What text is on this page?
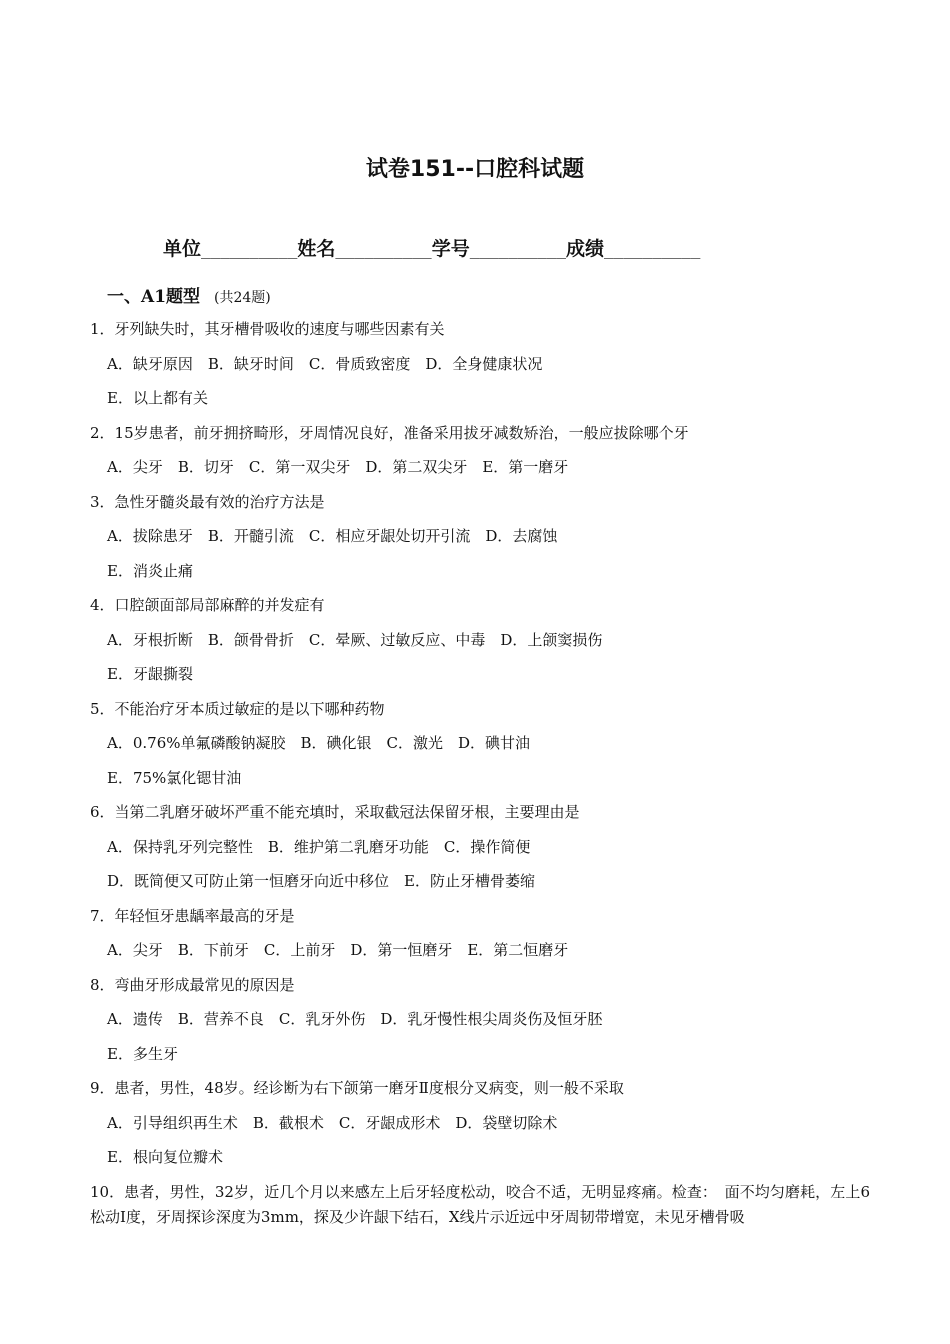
试卷151--口腔科试题
单位__________姓名__________学号__________成绩__________
一、A1题型 (共24题)
1．牙列缺失时，其牙槽骨吸收的速度与哪些因素有关
A．缺牙原因　B．缺牙时间　C．骨质致密度　D．全身健康状况
E．以上都有关
2．15岁患者，前牙拥挤畸形，牙周情况良好，准备采用拔牙减数矫治，一般应拔除哪个牙
A．尖牙　B．切牙　C．第一双尖牙　D．第二双尖牙　E．第一磨牙
3．急性牙髓炎最有效的治疗方法是
A．拔除患牙　B．开髓引流　C．相应牙龈处切开引流　D．去腐蚀
E．消炎止痛
4．口腔颌面部局部麻醉的并发症有
A．牙根折断　B．颌骨骨折　C．晕厥、过敏反应、中毒　D．上颌窦损伤
E．牙龈撕裂
5．不能治疗牙本质过敏症的是以下哪种药物
A．0.76%单氟磷酸钠凝胶　B．碘化银　C．激光　D．碘甘油
E．75%氯化锶甘油
6．当第二乳磨牙破坏严重不能充填时，采取截冠法保留牙根，主要理由是
A．保持乳牙列完整性　B．维护第二乳磨牙功能　C．操作简便
D．既简便又可防止第一恒磨牙向近中移位　E．防止牙槽骨萎缩
7．年轻恒牙患龋率最高的牙是
A．尖牙　B．下前牙　C．上前牙　D．第一恒磨牙　E．第二恒磨牙
8．弯曲牙形成最常见的原因是
A．遗传　B．营养不良　C．乳牙外伤　D．乳牙慢性根尖周炎伤及恒牙胚
E．多生牙
9．患者，男性，48岁。经诊断为右下颌第一磨牙Ⅱ度根分叉病变，则一般不采取
A．引导组织再生术　B．截根术　C．牙龈成形术　D．袋壁切除术
E．根向复位瓣术
10．患者，男性，32岁，近几个月以来感左上后牙轻度松动，咬合不适，无明显疼痛。检查：　面不均匀磨耗，左上6松动Ⅰ度，牙周探诊深度为3mm，探及少许龈下结石，X线片示近远中牙周韧带增宽，未见牙槽骨吸
